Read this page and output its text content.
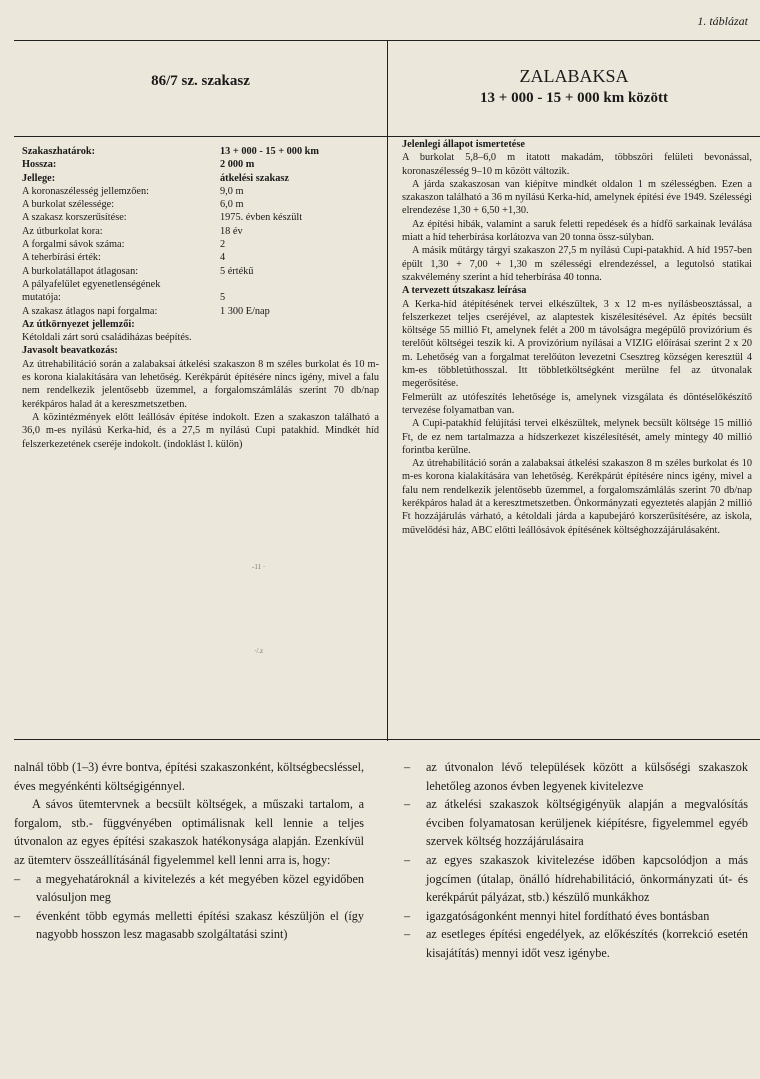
1. táblázat
86/7 sz. szakasz	ZALABAKSA
13 + 000 - 15 + 000 km között
Szakaszhatárok:	13 + 000 - 15 + 000 km
Hossza:	2 000 m
Jellege:	átkelési szakasz
A koronaszélesség jellemzően:	9,0 m
A burkolat szélessége:	6,0 m
A szakasz korszerűsítése:	1975. évben készült
Az útburkolat kora:	18 év
A forgalmi sávok száma:	2
A teherbírási érték:	4
A burkolatállapot átlagosan:	5 értékű
A pályafelület egyenetlenségének
mutatója:	5
A szakasz átlagos napi forgalma:	1 300 E/nap

Az útkörnyezet jellemzői:

Kétoldali zárt sorú családiházas beépítés.

Javasolt beavatkozás:

Az útrehabilitáció során a zalabaksai átkelési szakaszon 8 m széles burkolat és 10 m-es korona kialakítására van lehetőség. Kerékpárút építésére nincs igény, mivel a falu nem rendelkezik jelentősebb üzemmel, a forgalomszámlálás szerint 70 db/nap kerékpáros halad át a kereszmetszetben.

A közintézmények előtt leállósáv építése indokolt. Ezen a szakaszon található a 36,0 m-es nyílású Kerka-híd, és a 27,5 m nyílású Cupi patakhíd. Mindkét híd felszerkezetének cseréje indokolt. (indoklást l. külön)

-11 ·
·/.z

Jelenlegi állapot ismertetése

A burkolat 5,8–6,0 m itatott makadám, többszöri felületi bevonással, koronaszélesség 9–10 m között változik.

A járda szakaszosan van kiépítve mindkét oldalon 1 m szélességben. Ezen a szakaszon található a 36 m nyílású Kerka-híd, amelynek építési éve 1949. Szélességi elrendezése 1,30 + 6,50 +1,30.

Az építési hibák, valamint a saruk feletti repedések és a hídfő sarkainak leválása miatt a híd teherbírása korlátozva van 20 tonna össz-súlyban.

A másik műtárgy tárgyi szakaszon 27,5 m nyílású Cupi-patakhíd. A híd 1957-ben épült 1,30 + 7,00 + 1,30 m szélességi elrendezéssel, a legutolsó statikai szakvélemény szerint a híd teherbírása 40 tonna.

A tervezett útszakasz leírása

A Kerka-híd átépítésének tervei elkészültek, 3 x 12 m-es nyílásbeosztással, a felszerkezet teljes cseréjével, az alaptestek kiszélesítésével. Az építés becsült költsége 55 millió Ft, amelynek felét a 200 m távolságra megépülő provizórium és terelőút költségei teszik ki. A provizórium nyílásai a VIZIG előírásai szerint 2 x 20 m. Lehetőség van a forgalmat terelőúton levezetni Csesztreg községen keresztül 4 km-es többletúthosszal. Itt többletköltségként merülne fel az útvonalak megerősítése.

Felmerült az utófeszítés lehetősége is, amelynek vizsgálata és döntéselőkészítő tervezése folyamatban van.

A Cupi-patakhíd felújítási tervei elkészültek, melynek becsült költsége 15 millió Ft, de ez nem tartalmazza a hídszerkezet kiszélesítését, amely mintegy 40 millió forintba kerülne.

Az útrehabilitáció során a zalabaksai átkelési szakaszon 8 m széles burkolat és 10 m-es korona kialakítására van lehetőség. Kerékpárút építésére nincs igény, mivel a falu nem rendelkezik jelentősebb üzemmel, a forgalomszámlálás szerint 70 db/nap kerékpáros halad át a keresztmetszetben. Önkormányzati egyeztetés alapján 2 millió Ft hozzájárulás várható, a kétoldali járda a kapubejáró korszerűsítésére, az iskola, művelődési ház, ABC előtti leállósávok építésének költséghozzájárulásaként.

nalnál több (1–3) évre bontva, építési szakaszonként, költségbecsléssel, éves megyénkénti költségigénnyel.

A sávos ütemtervnek a becsült költségek, a műszaki tartalom, a forgalom, stb.- függvényében optimálisnak kell lennie a teljes útvonalon az egyes építési szakaszok hatékonysága alapján. Ezenkívül az ütemterv összeállításánál figyelemmel kell lenni arra is, hogy:

–	a megyehatároknál a kivitelezés a két megyében közel egyidőben valósuljon meg
–	évenként több egymás melletti építési szakasz készüljön el (így nagyobb hosszon lesz magasabb szolgáltatási szint)
–	az útvonalon lévő települések között a külsőségi szakaszok lehetőleg azonos évben legyenek kivitelezve
–	az átkelési szakaszok költségigényük alapján a megvalósítás évciben folyamatosan kerüljenek kiépítésre, figyelemmel egyéb szervek költség hozzájárulásaira
–	az egyes szakaszok kivitelezése időben kapcsolódjon a más jogcímen (útalap, önálló hídrehabilitáció, önkormányzati út- és kerékpárút pályázat, stb.) készülő munkákhoz
–	igazgatóságonként mennyi hitel fordítható éves bontásban
–	az esetleges építési engedélyek, az előkészítés (korrekció esetén kisajátítás) mennyi időt vesz igénybe.
